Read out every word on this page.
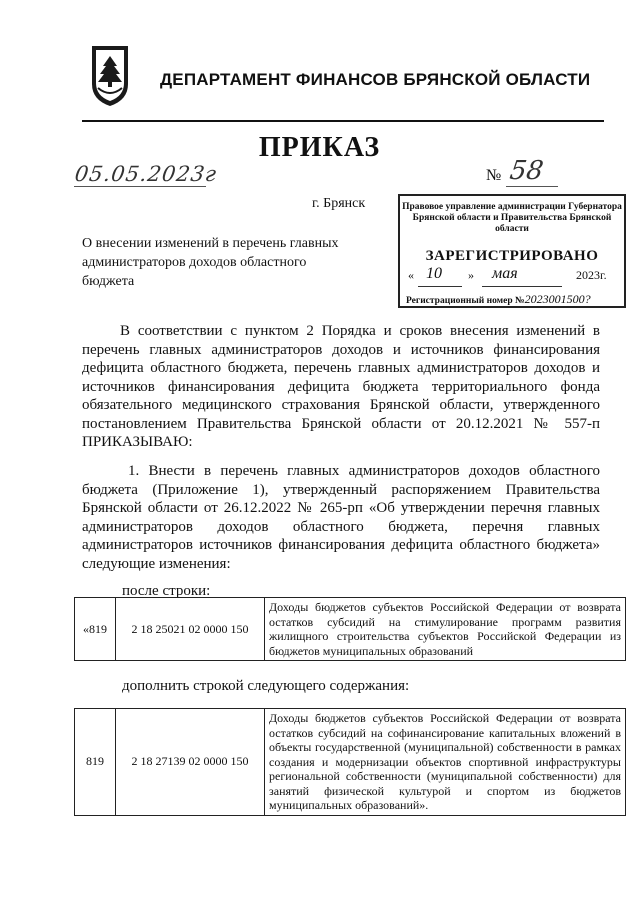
ДЕПАРТАМЕНТ ФИНАНСОВ БРЯНСКОЙ ОБЛАСТИ
ПРИКАЗ
05.05.2023г	№ 58
г. Брянск	Правовое управление администрации Губернатора Брянской области и Правительства Брянской области
ЗАРЕГИСТРИРОВАНО
« 10 » мая	2023г.
Регистрационный номер №2023001500?
О внесении изменений в перечень главных администраторов доходов областного бюджета
В соответствии с пунктом 2 Порядка и сроков внесения изменений в перечень главных администраторов доходов и источников финансирования дефицита областного бюджета, перечень главных администраторов доходов и источников финансирования дефицита бюджета территориального фонда обязательного медицинского страхования Брянской области, утвержденного постановлением Правительства Брянской области от 20.12.2021 № 557-п ПРИКАЗЫВАЮ:
1. Внести в перечень главных администраторов доходов областного бюджета (Приложение 1), утвержденный распоряжением Правительства Брянской области от 26.12.2022 № 265-рп «Об утверждении перечня главных администраторов доходов областного бюджета, перечня главных администраторов источников финансирования дефицита областного бюджета» следующие изменения:
после строки:
«819	2 18 25021 02 0000 150	Доходы бюджетов субъектов Российской Федерации от возврата остатков субсидий на стимулирование программ развития жилищного строительства субъектов Российской Федерации из бюджетов муниципальных образований
дополнить строкой следующего содержания:
819	2 18 27139 02 0000 150	Доходы бюджетов субъектов Российской Федерации от возврата остатков субсидий на софинансирование капитальных вложений в объекты государственной (муниципальной) собственности в рамках создания и модернизации объектов спортивной инфраструктуры региональной собственности (муниципальной собственности) для занятий физической культурой и спортом из бюджетов муниципальных образований».
